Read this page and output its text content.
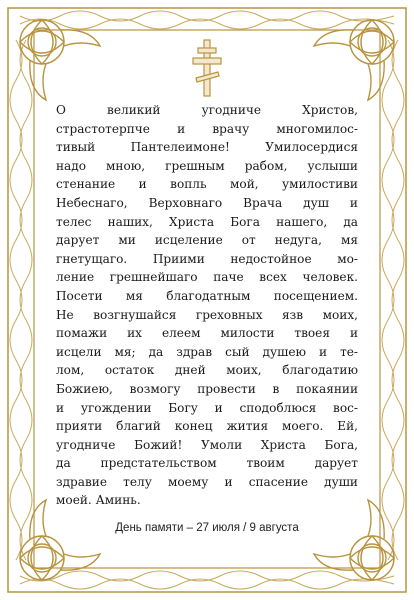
О великий угодниче Христов,
страстотерпче и врачу многомилос-
тивый Пантелеимоне! Умилосердися
надо мною, грешным рабом, услыши
стенание и вопль мой, умилостиви
Небеснаго, Верховнаго Врача душ и
телес наших, Христа Бога нашего, да
дарует ми исцеление от недуга, мя
гнетущаго. Приими недостойное мо-
ление грешнейшаго паче всех человек.
Посети мя благодатным посещением.
Не возгнушайся греховных язв моих,
помажи их елеем милости твоея и
исцели мя; да здрав сый душею и те-
лом, остаток дней моих, благодатию
Божиею, возмогу провести в покаянии
и угождении Богу и сподоблюся вос-
прияти благий конец жития моего. Ей,
угодниче Божий! Умоли Христа Бога,
да предстательством твоим дарует
здравие телу моему и спасение души
моей. Аминь.
День памяти – 27 июля / 9 августа
